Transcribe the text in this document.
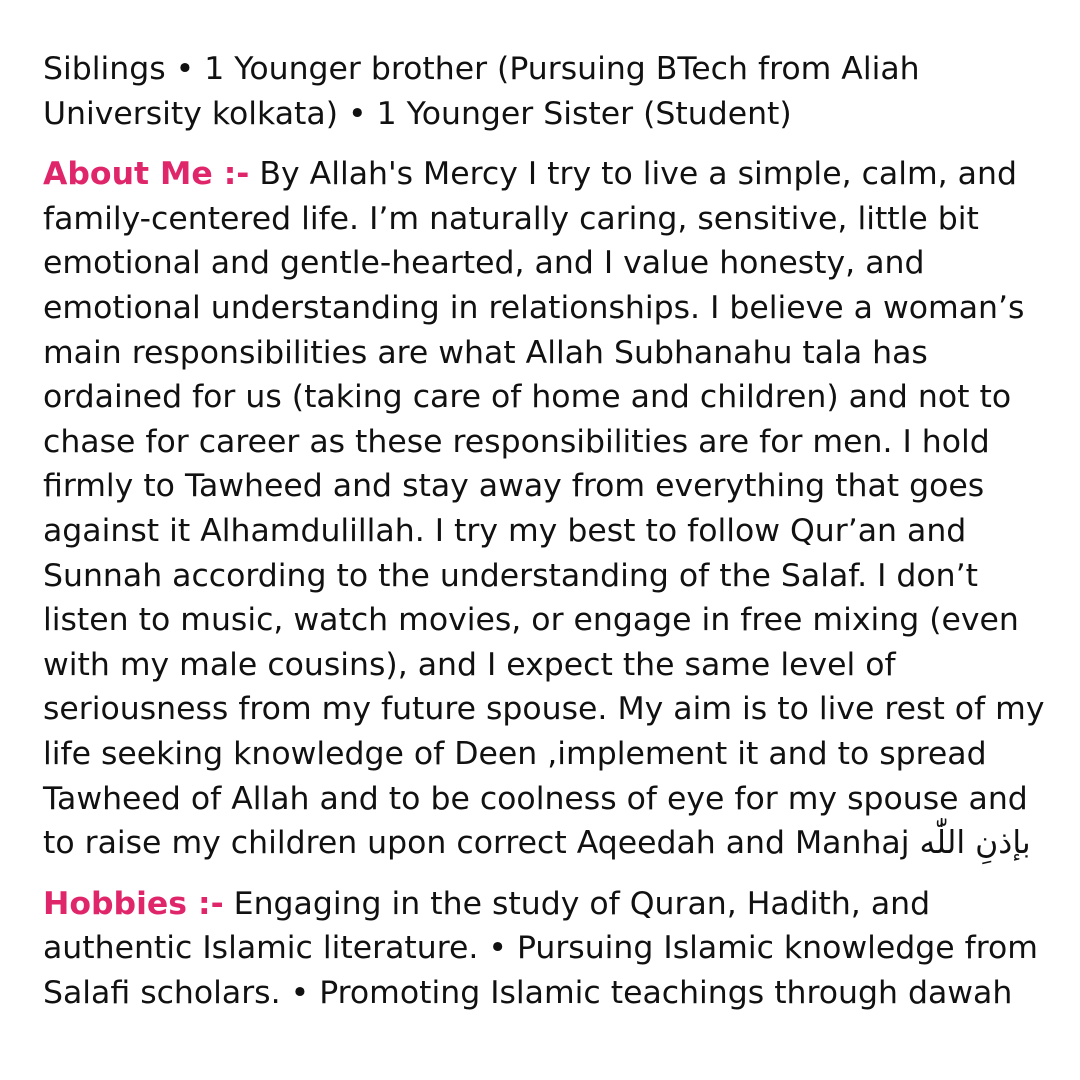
Siblings • 1 Younger brother (Pursuing BTech from Aliah University kolkata) • 1 Younger Sister (Student)

About Me :- By Allah's Mercy I try to live a simple, calm, and family-centered life. I’m naturally caring, sensitive, little bit emotional and gentle-hearted, and I value honesty, and emotional understanding in relationships. I believe a woman’s main responsibilities are what Allah Subhanahu tala has ordained for us (taking care of home and children) and not to chase for career as these responsibilities are for men. I hold firmly to Tawheed and stay away from everything that goes against it Alhamdulillah. I try my best to follow Qur’an and Sunnah according to the understanding of the Salaf. I don’t listen to music, watch movies, or engage in free mixing (even with my male cousins), and I expect the same level of seriousness from my future spouse. My aim is to live rest of my life seeking knowledge of Deen ,implement it and to spread Tawheed of Allah and to be coolness of eye for my spouse and to raise my children upon correct Aqeedah and Manhaj بإذنِ اللّٰه

Hobbies :- Engaging in the study of Quran, Hadith, and authentic Islamic literature. • Pursuing Islamic knowledge from Salafi scholars. • Promoting Islamic teachings through dawah
